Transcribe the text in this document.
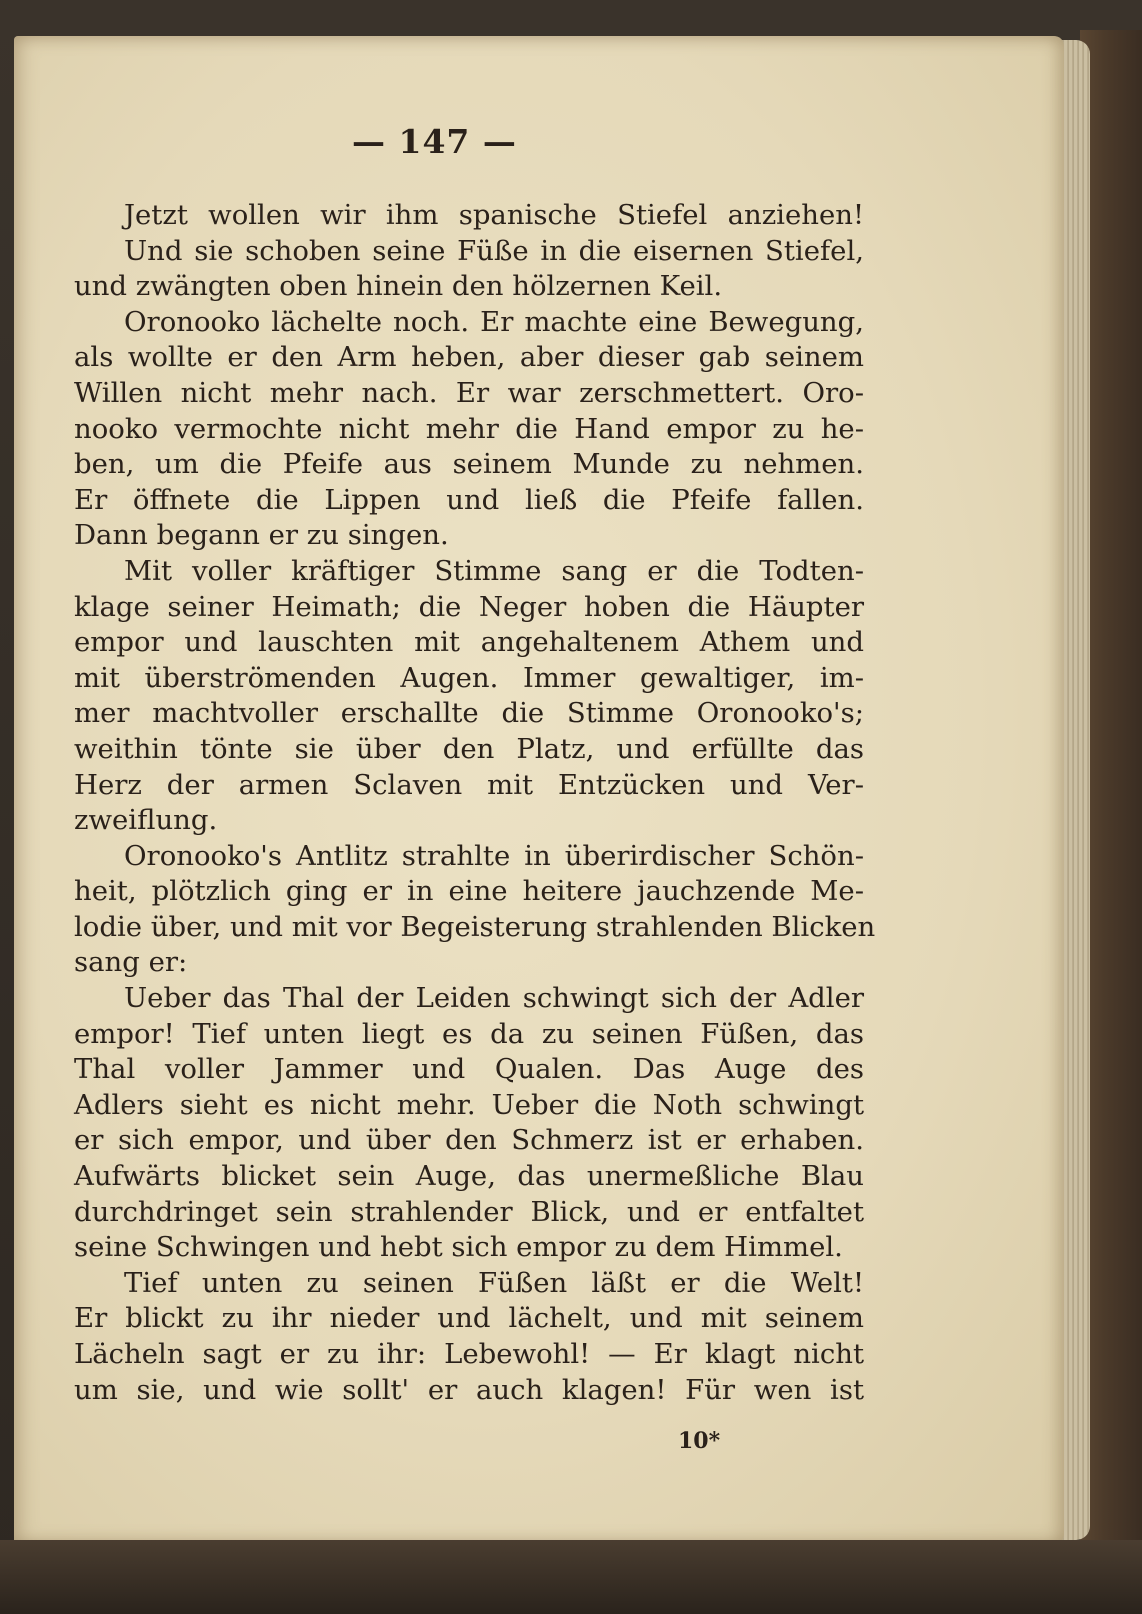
— 147 —
Jetzt wollen wir ihm spanische Stiefel anziehen!
Und sie schoben seine Füße in die eisernen Stiefel,
und zwängten oben hinein den hölzernen Keil.
Oronooko lächelte noch. Er machte eine Bewegung,
als wollte er den Arm heben, aber dieser gab seinem
Willen nicht mehr nach. Er war zerschmettert. Oro-
nooko vermochte nicht mehr die Hand empor zu he-
ben, um die Pfeife aus seinem Munde zu nehmen.
Er öffnete die Lippen und ließ die Pfeife fallen.
Dann begann er zu singen.
Mit voller kräftiger Stimme sang er die Todten-
klage seiner Heimath; die Neger hoben die Häupter
empor und lauschten mit angehaltenem Athem und
mit überströmenden Augen. Immer gewaltiger, im-
mer machtvoller erschallte die Stimme Oronooko's;
weithin tönte sie über den Platz, und erfüllte das
Herz der armen Sclaven mit Entzücken und Ver-
zweiflung.
Oronooko's Antlitz strahlte in überirdischer Schön-
heit, plötzlich ging er in eine heitere jauchzende Me-
lodie über, und mit vor Begeisterung strahlenden Blicken
sang er:
Ueber das Thal der Leiden schwingt sich der Adler
empor! Tief unten liegt es da zu seinen Füßen, das
Thal voller Jammer und Qualen. Das Auge des
Adlers sieht es nicht mehr. Ueber die Noth schwingt
er sich empor, und über den Schmerz ist er erhaben.
Aufwärts blicket sein Auge, das unermeßliche Blau
durchdringet sein strahlender Blick, und er entfaltet
seine Schwingen und hebt sich empor zu dem Himmel.
Tief unten zu seinen Füßen läßt er die Welt!
Er blickt zu ihr nieder und lächelt, und mit seinem
Lächeln sagt er zu ihr: Lebewohl! — Er klagt nicht
um sie, und wie sollt' er auch klagen! Für wen ist
10*
